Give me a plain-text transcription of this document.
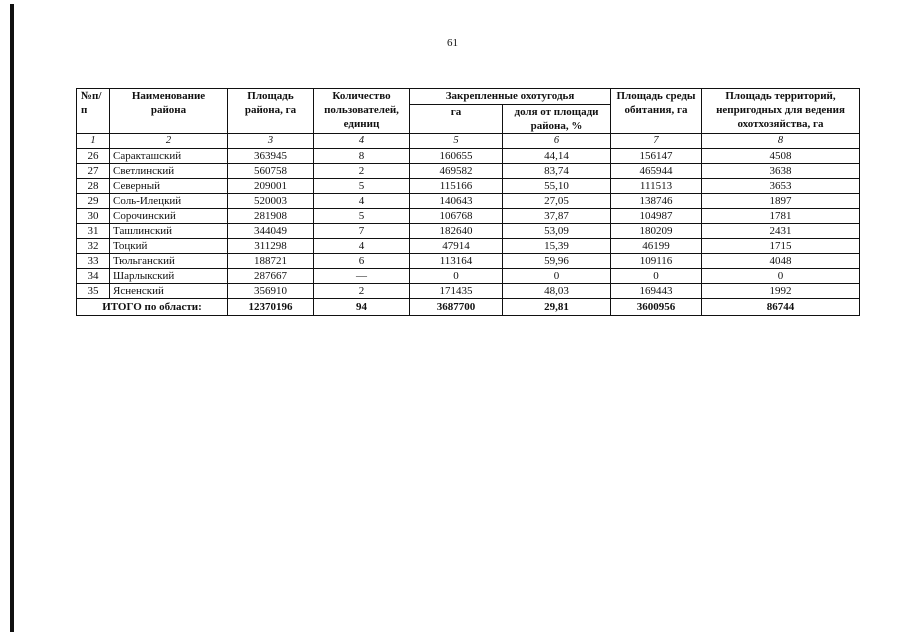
61
№п/п	Наименование района	Площадь района, га	Количество пользователей, единиц	Закрепленные охотугодья		Площадь среды обитания, га	Площадь территорий, непригодных для ведения охотхозяйства, га
				га	доля от площади района, %		
1	2	3	4	5	6	7	8
26	Саракташский	363945	8	160655	44,14	156147	4508
27	Светлинский	560758	2	469582	83,74	465944	3638
28	Северный	209001	5	115166	55,10	111513	3653
29	Соль-Илецкий	520003	4	140643	27,05	138746	1897
30	Сорочинский	281908	5	106768	37,87	104987	1781
31	Ташлинский	344049	7	182640	53,09	180209	2431
32	Тоцкий	311298	4	47914	15,39	46199	1715
33	Тюльганский	188721	6	113164	59,96	109116	4048
34	Шарлыкский	287667	—	0	0	0	0
35	Ясненский	356910	2	171435	48,03	169443	1992
ИТОГО по области:		12370196	94	3687700	29,81	3600956	86744
